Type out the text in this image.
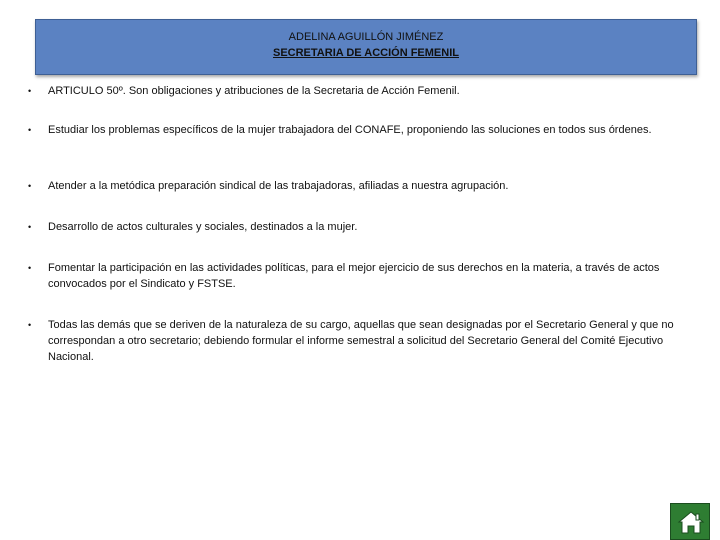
ADELINA AGUILLÓN JIMÉNEZ
SECRETARIA DE ACCIÓN FEMENIL
• ARTICULO 50º. Son obligaciones y atribuciones de la Secretaria de Acción Femenil.
• Estudiar los problemas específicos de la mujer trabajadora del CONAFE, proponiendo las soluciones en todos sus órdenes.
• Atender a la metódica preparación sindical de las trabajadoras, afiliadas a nuestra agrupación.
• Desarrollo de actos culturales y sociales, destinados a la mujer.
• Fomentar la participación en las actividades políticas, para el mejor ejercicio de sus derechos en la materia, a través de actos convocados por el Sindicato y FSTSE.
• Todas las demás que se deriven de la naturaleza de su cargo, aquellas que sean designadas por el Secretario General y que no correspondan a otro secretario; debiendo formular el informe semestral a solicitud del Secretario General del Comité Ejecutivo Nacional.
